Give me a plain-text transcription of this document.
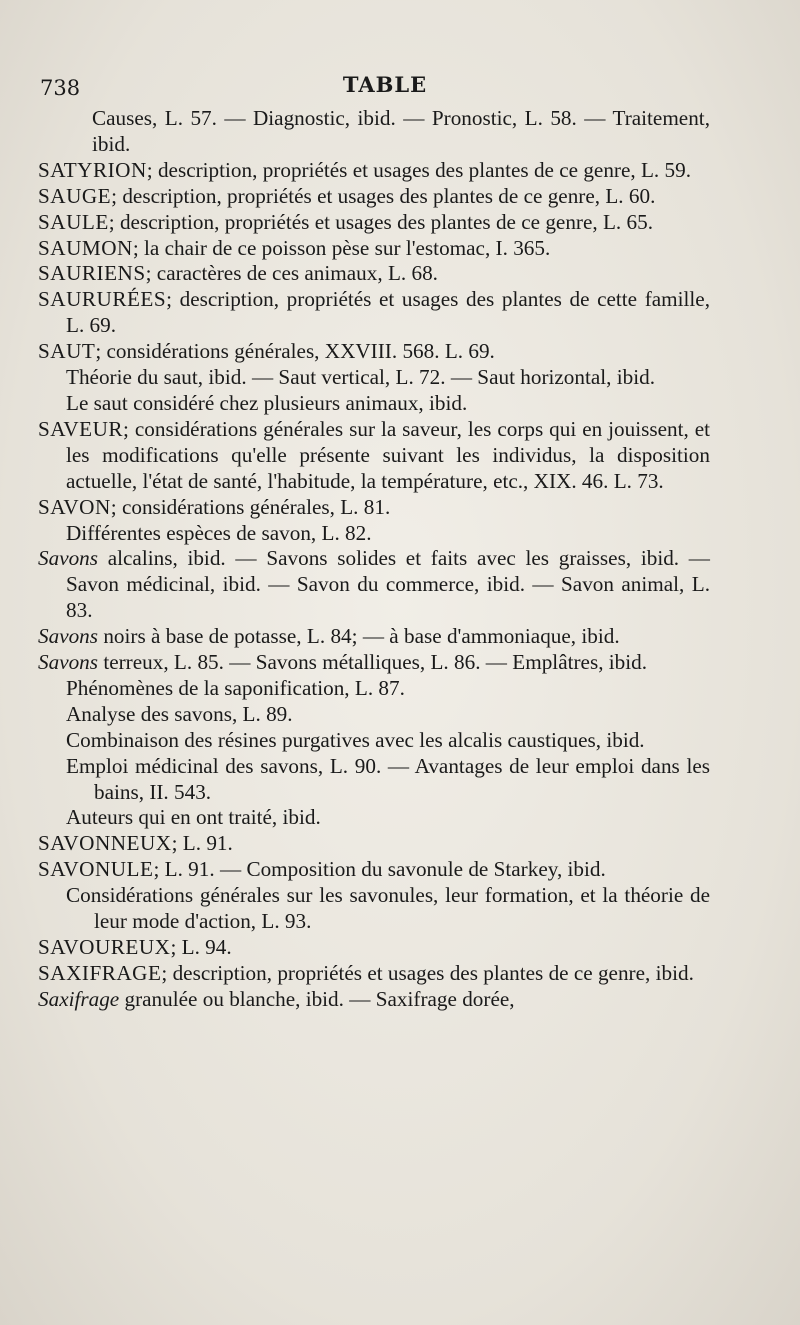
738	TABLE

Causes, L. 57. — Diagnostic, ibid. — Pronostic, L. 58. — Traitement, ibid.

SATYRION; description, propriétés et usages des plantes de ce genre, L. 59.

SAUGE; description, propriétés et usages des plantes de ce genre, L. 60.

SAULE; description, propriétés et usages des plantes de ce genre, L. 65.

SAUMON; la chair de ce poisson pèse sur l'estomac, I. 365.

SAURIENS; caractères de ces animaux, L. 68.

SAURURÉES; description, propriétés et usages des plantes de cette famille, L. 69.

SAUT; considérations générales, XXVIII. 568. L. 69.

Théorie du saut, ibid. — Saut vertical, L. 72. — Saut horizontal, ibid.

Le saut considéré chez plusieurs animaux, ibid.

SAVEUR; considérations générales sur la saveur, les corps qui en jouissent, et les modifications qu'elle présente suivant les individus, la disposition actuelle, l'état de santé, l'habitude, la température, etc., XIX. 46. L. 73.

SAVON; considérations générales, L. 81.

Différentes espèces de savon, L. 82.

Savons alcalins, ibid. — Savons solides et faits avec les graisses, ibid. — Savon médicinal, ibid. — Savon du commerce, ibid. — Savon animal, L. 83.

Savons noirs à base de potasse, L. 84; — à base d'ammoniaque, ibid.

Savons terreux, L. 85. — Savons métalliques, L. 86. — Emplâtres, ibid.

Phénomènes de la saponification, L. 87.

Analyse des savons, L. 89.

Combinaison des résines purgatives avec les alcalis caustiques, ibid.

Emploi médicinal des savons, L. 90. — Avantages de leur emploi dans les bains, II. 543.

Auteurs qui en ont traité, ibid.

SAVONNEUX; L. 91.

SAVONULE; L. 91. — Composition du savonule de Starkey, ibid.

Considérations générales sur les savonules, leur formation, et la théorie de leur mode d'action, L. 93.

SAVOUREUX; L. 94.

SAXIFRAGE; description, propriétés et usages des plantes de ce genre, ibid.

Saxifrage granulée ou blanche, ibid. — Saxifrage dorée,
